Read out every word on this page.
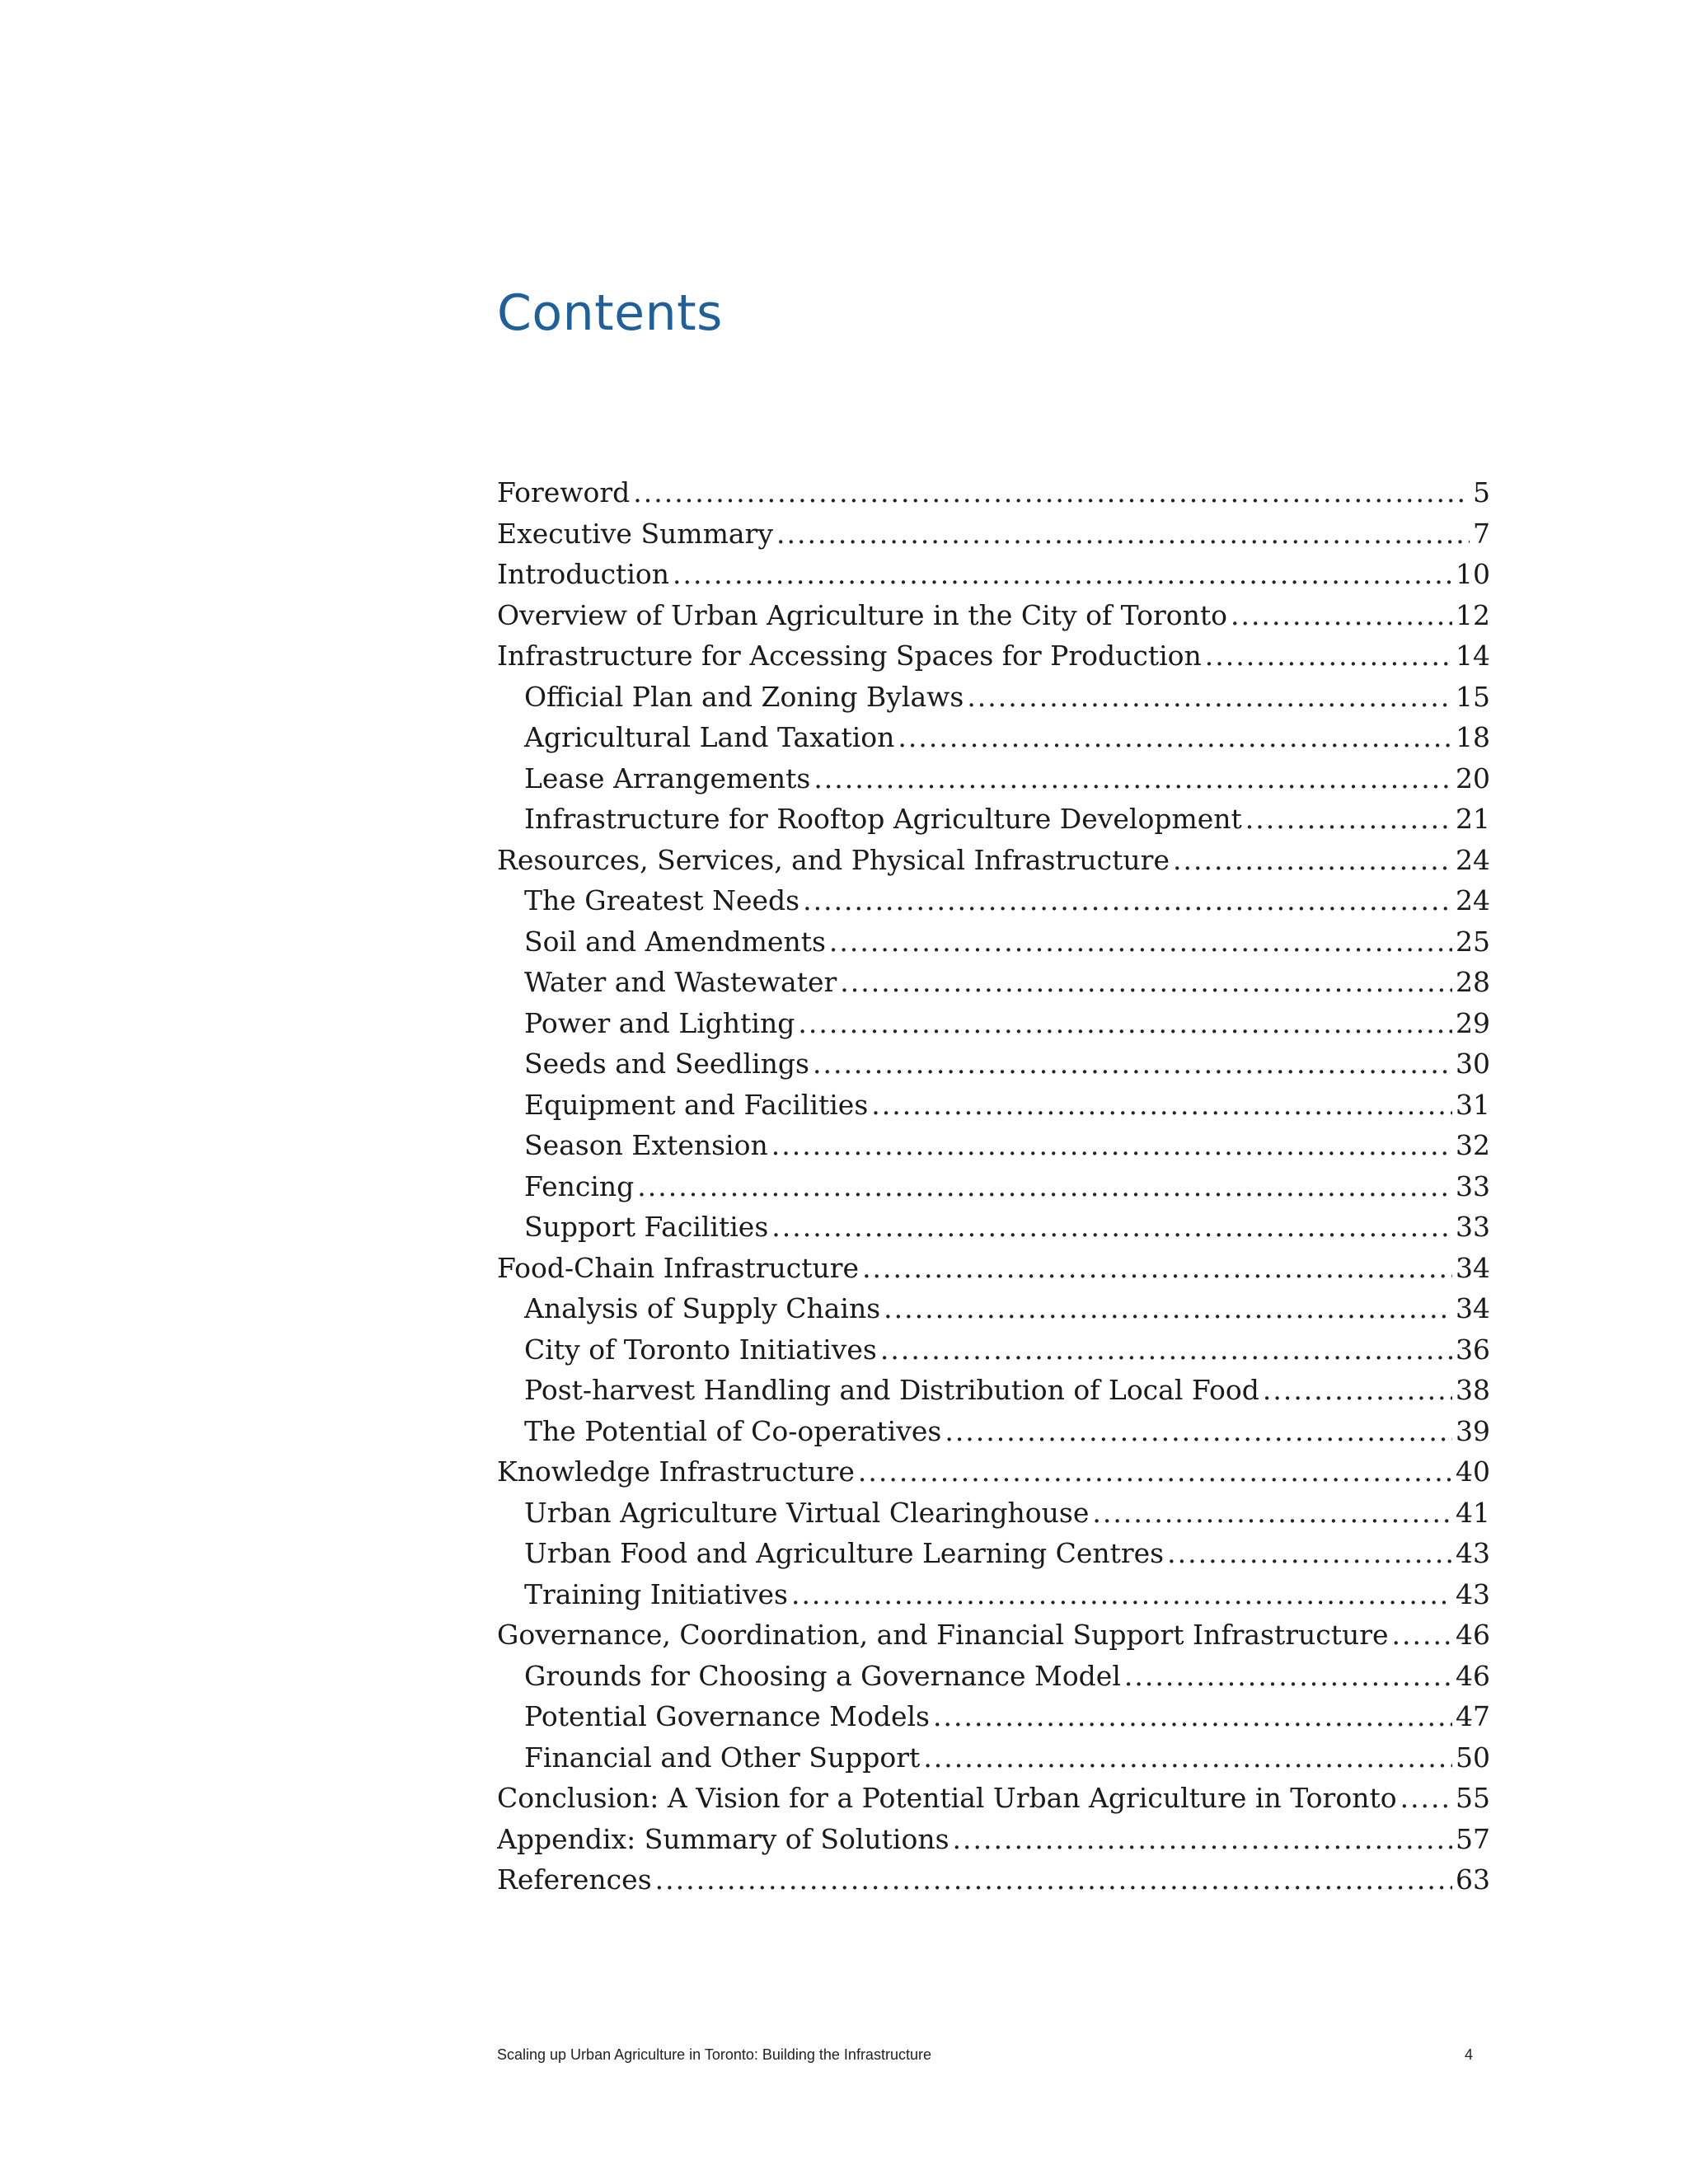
Contents
Foreword .....	5
Executive Summary .....	7
Introduction .....	10
Overview of Urban Agriculture in the City of Toronto .....	12
Infrastructure for Accessing Spaces for Production .....	14
Official Plan and Zoning Bylaws .....	15
Agricultural Land Taxation .....	18
Lease Arrangements .....	20
Infrastructure for Rooftop Agriculture Development .....	21
Resources, Services, and Physical Infrastructure .....	24
The Greatest Needs .....	24
Soil and Amendments .....	25
Water and Wastewater .....	28
Power and Lighting .....	29
Seeds and Seedlings .....	30
Equipment and Facilities .....	31
Season Extension .....	32
Fencing .....	33
Support Facilities .....	33
Food-Chain Infrastructure .....	34
Analysis of Supply Chains .....	34
City of Toronto Initiatives .....	36
Post-harvest Handling and Distribution of Local Food .....	38
The Potential of Co-operatives .....	39
Knowledge Infrastructure .....	40
Urban Agriculture Virtual Clearinghouse .....	41
Urban Food and Agriculture Learning Centres .....	43
Training Initiatives .....	43
Governance, Coordination, and Financial Support Infrastructure ..... 46
Grounds for Choosing a Governance Model .....	46
Potential Governance Models .....	47
Financial and Other Support .....	50
Conclusion: A Vision for a Potential Urban Agriculture in Toronto ..... 55
Appendix: Summary of Solutions .....	57
References .....	63
Scaling up Urban Agriculture in Toronto: Building the Infrastructure	4
